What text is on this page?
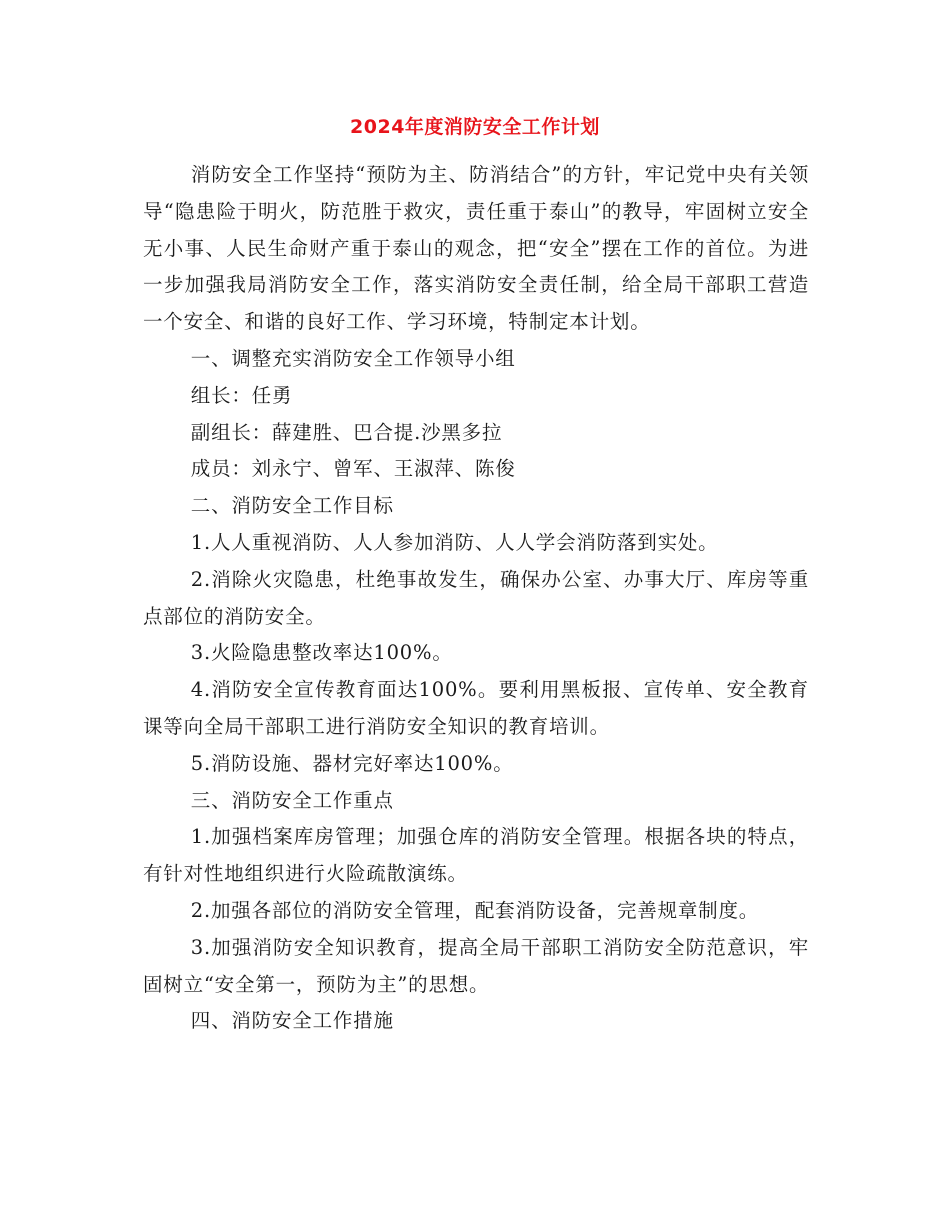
2024年度消防安全工作计划

消防安全工作坚持“预防为主、防消结合”的方针，牢记党中央有关领导“隐患险于明火，防范胜于救灾，责任重于泰山”的教导，牢固树立安全无小事、人民生命财产重于泰山的观念，把“安全”摆在工作的首位。为进一步加强我局消防安全工作，落实消防安全责任制，给全局干部职工营造一个安全、和谐的良好工作、学习环境，特制定本计划。

一、调整充实消防安全工作领导小组

组长：任勇

副组长：薛建胜、巴合提.沙黑多拉

成员：刘永宁、曾军、王淑萍、陈俊

二、消防安全工作目标

1.人人重视消防、人人参加消防、人人学会消防落到实处。

2.消除火灾隐患，杜绝事故发生，确保办公室、办事大厅、库房等重点部位的消防安全。

3.火险隐患整改率达100%。

4.消防安全宣传教育面达100%。要利用黑板报、宣传单、安全教育课等向全局干部职工进行消防安全知识的教育培训。

5.消防设施、器材完好率达100%。

三、消防安全工作重点

1.加强档案库房管理；加强仓库的消防安全管理。根据各块的特点，有针对性地组织进行火险疏散演练。

2.加强各部位的消防安全管理，配套消防设备，完善规章制度。

3.加强消防安全知识教育，提高全局干部职工消防安全防范意识，牢固树立“安全第一，预防为主”的思想。

四、消防安全工作措施
